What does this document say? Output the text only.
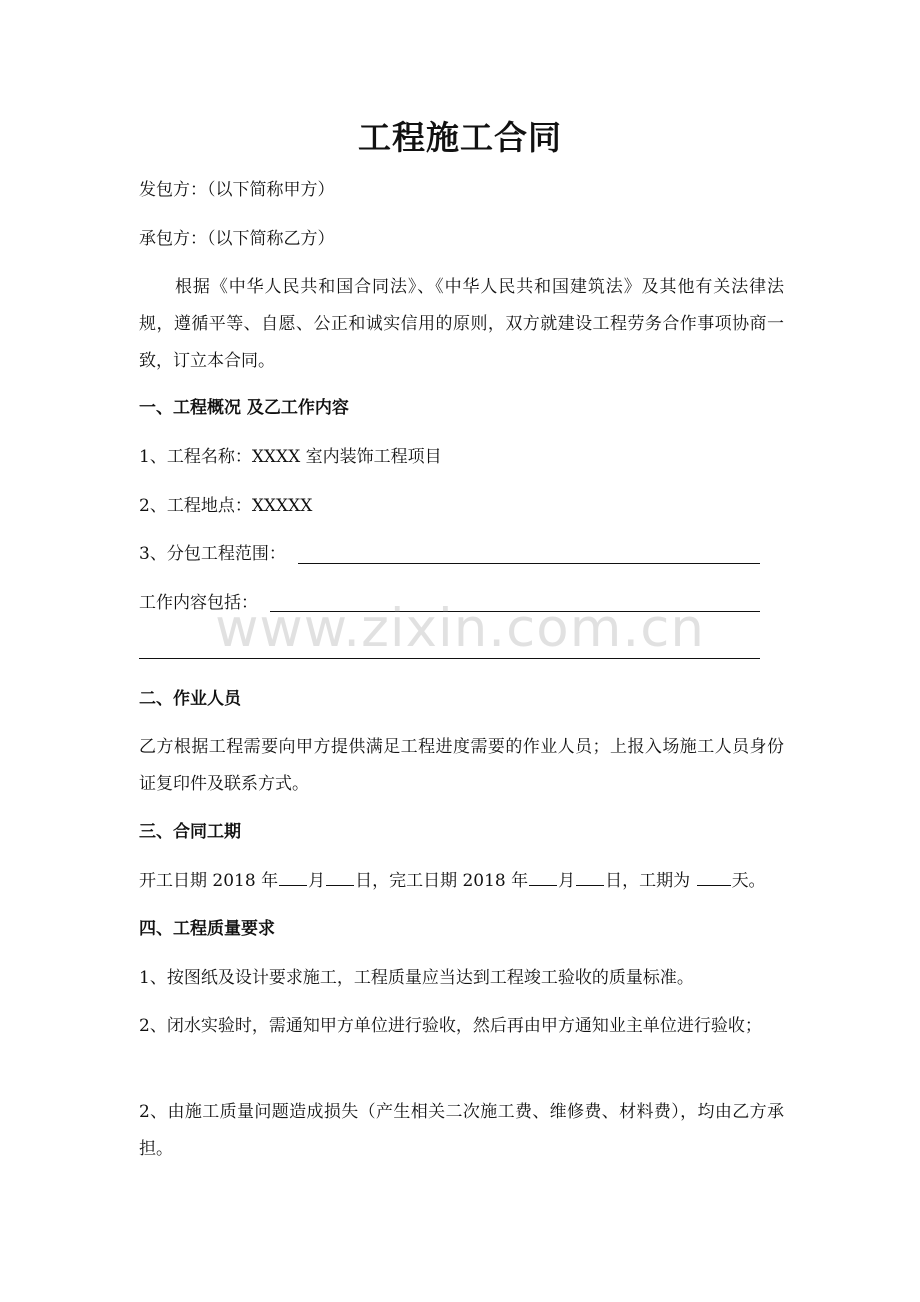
工程施工合同
发包方：（以下简称甲方）
承包方：（以下简称乙方）
根据《中华人民共和国合同法》、《中华人民共和国建筑法》及其他有关法律法规，遵循平等、自愿、公正和诚实信用的原则，双方就建设工程劳务合作事项协商一致，订立本合同。
一、工程概况 及乙工作内容
1、工程名称：XXXX 室内装饰工程项目
2、工程地点：XXXXX
3、分包工程范围：
工作内容包括：
www.zixin.com.cn
二、作业人员
乙方根据工程需要向甲方提供满足工程进度需要的作业人员；上报入场施工人员身份证复印件及联系方式。
三、合同工期
开工日期 2018 年 月 日，完工日期 2018 年 月 日，工期为 天。
四、工程质量要求
1、按图纸及设计要求施工，工程质量应当达到工程竣工验收的质量标准。
2、闭水实验时，需通知甲方单位进行验收，然后再由甲方通知业主单位进行验收；
2、由施工质量问题造成损失（产生相关二次施工费、维修费、材料费），均由乙方承担。
